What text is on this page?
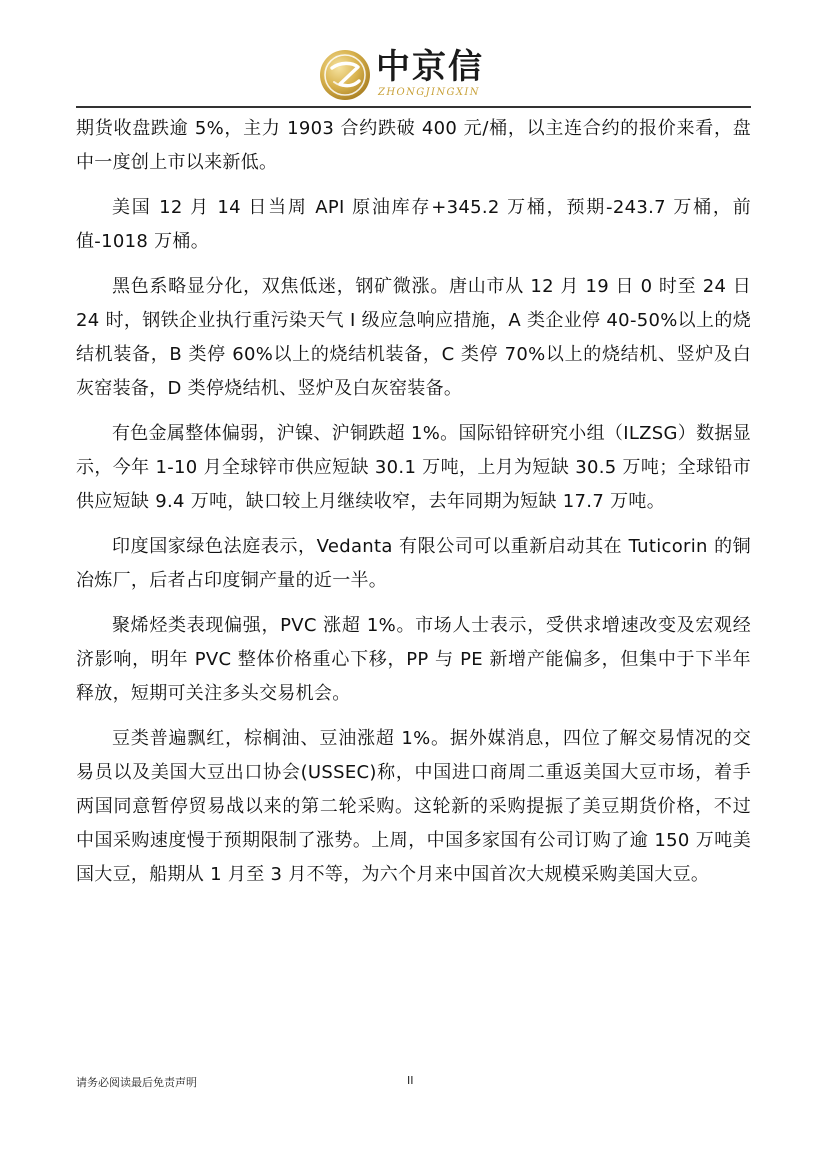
中京信
ZHONGJINGXIN

期货收盘跌逾 5%，主力 1903 合约跌破 400 元/桶，以主连合约的报价来看，盘中一度创上市以来新低。

美国 12 月 14 日当周 API 原油库存+345.2 万桶，预期-243.7 万桶，前值-1018 万桶。

黑色系略显分化，双焦低迷，钢矿微涨。唐山市从 12 月 19 日 0 时至 24 日 24 时，钢铁企业执行重污染天气 I 级应急响应措施，A 类企业停 40-50%以上的烧结机装备，B 类停 60%以上的烧结机装备，C 类停 70%以上的烧结机、竖炉及白灰窑装备，D 类停烧结机、竖炉及白灰窑装备。

有色金属整体偏弱，沪镍、沪铜跌超 1%。国际铅锌研究小组（ILZSG）数据显示，今年 1-10 月全球锌市供应短缺 30.1 万吨，上月为短缺 30.5 万吨；全球铅市供应短缺 9.4 万吨，缺口较上月继续收窄，去年同期为短缺 17.7 万吨。

印度国家绿色法庭表示，Vedanta 有限公司可以重新启动其在 Tuticorin 的铜冶炼厂，后者占印度铜产量的近一半。

聚烯烃类表现偏强，PVC 涨超 1%。市场人士表示，受供求增速改变及宏观经济影响，明年 PVC 整体价格重心下移，PP 与 PE 新增产能偏多，但集中于下半年释放，短期可关注多头交易机会。

豆类普遍飘红，棕榈油、豆油涨超 1%。据外媒消息，四位了解交易情况的交易员以及美国大豆出口协会(USSEC)称，中国进口商周二重返美国大豆市场，着手两国同意暂停贸易战以来的第二轮采购。这轮新的采购提振了美豆期货价格，不过中国采购速度慢于预期限制了涨势。上周，中国多家国有公司订购了逾 150 万吨美国大豆，船期从 1 月至 3 月不等，为六个月来中国首次大规模采购美国大豆。

请务必阅读最后免责声明	II
